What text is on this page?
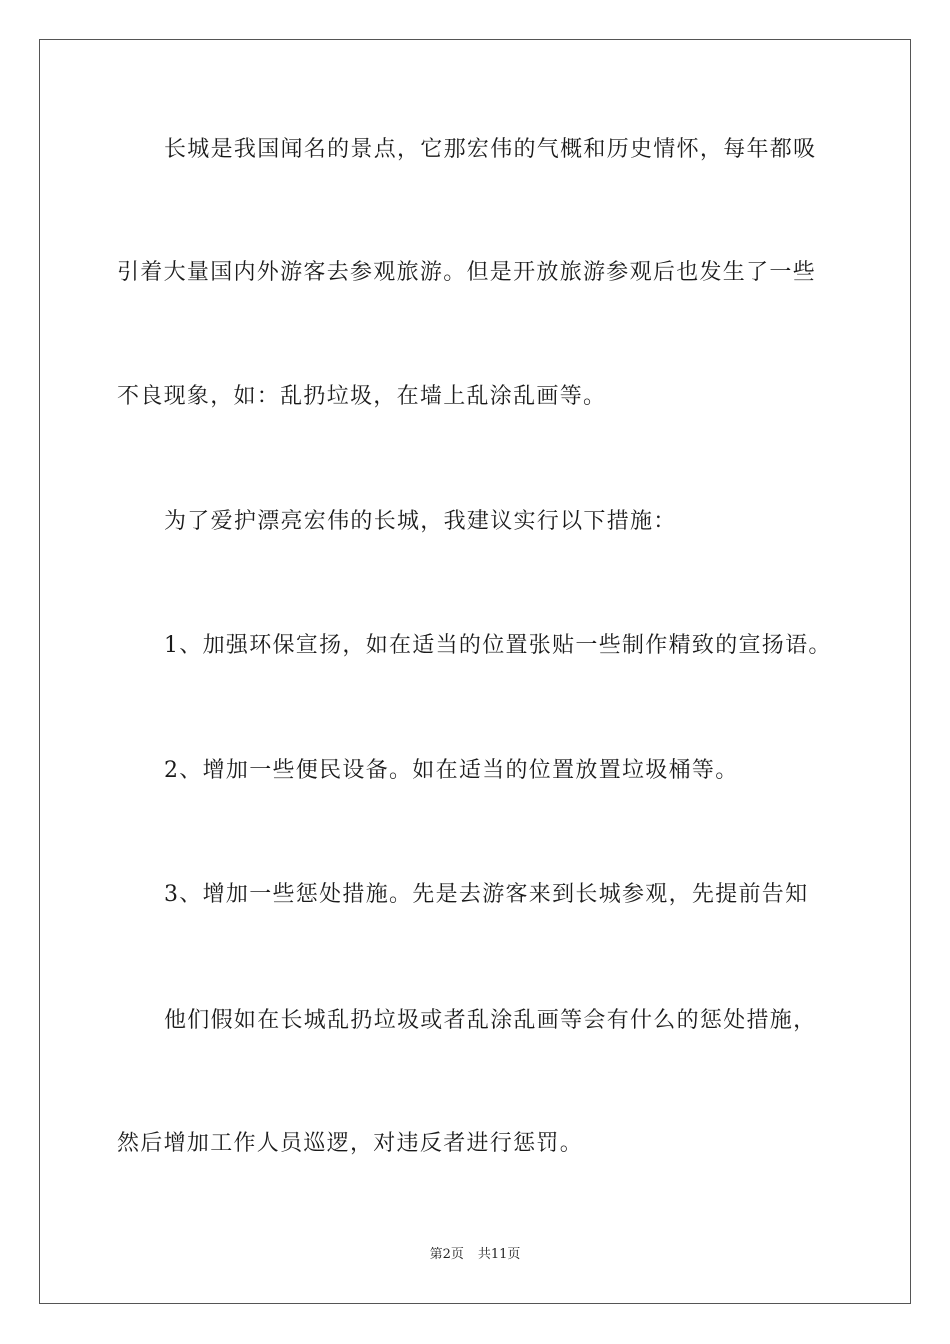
长城是我国闻名的景点，它那宏伟的气概和历史情怀，每年都吸
引着大量国内外游客去参观旅游。但是开放旅游参观后也发生了一些
不良现象，如：乱扔垃圾，在墙上乱涂乱画等。
为了爱护漂亮宏伟的长城，我建议实行以下措施：
1、加强环保宣扬，如在适当的位置张贴一些制作精致的宣扬语。
2、增加一些便民设备。如在适当的位置放置垃圾桶等。
3、增加一些惩处措施。先是去游客来到长城参观，先提前告知
他们假如在长城乱扔垃圾或者乱涂乱画等会有什么的惩处措施，
然后增加工作人员巡逻，对违反者进行惩罚。
第2页 共11页
